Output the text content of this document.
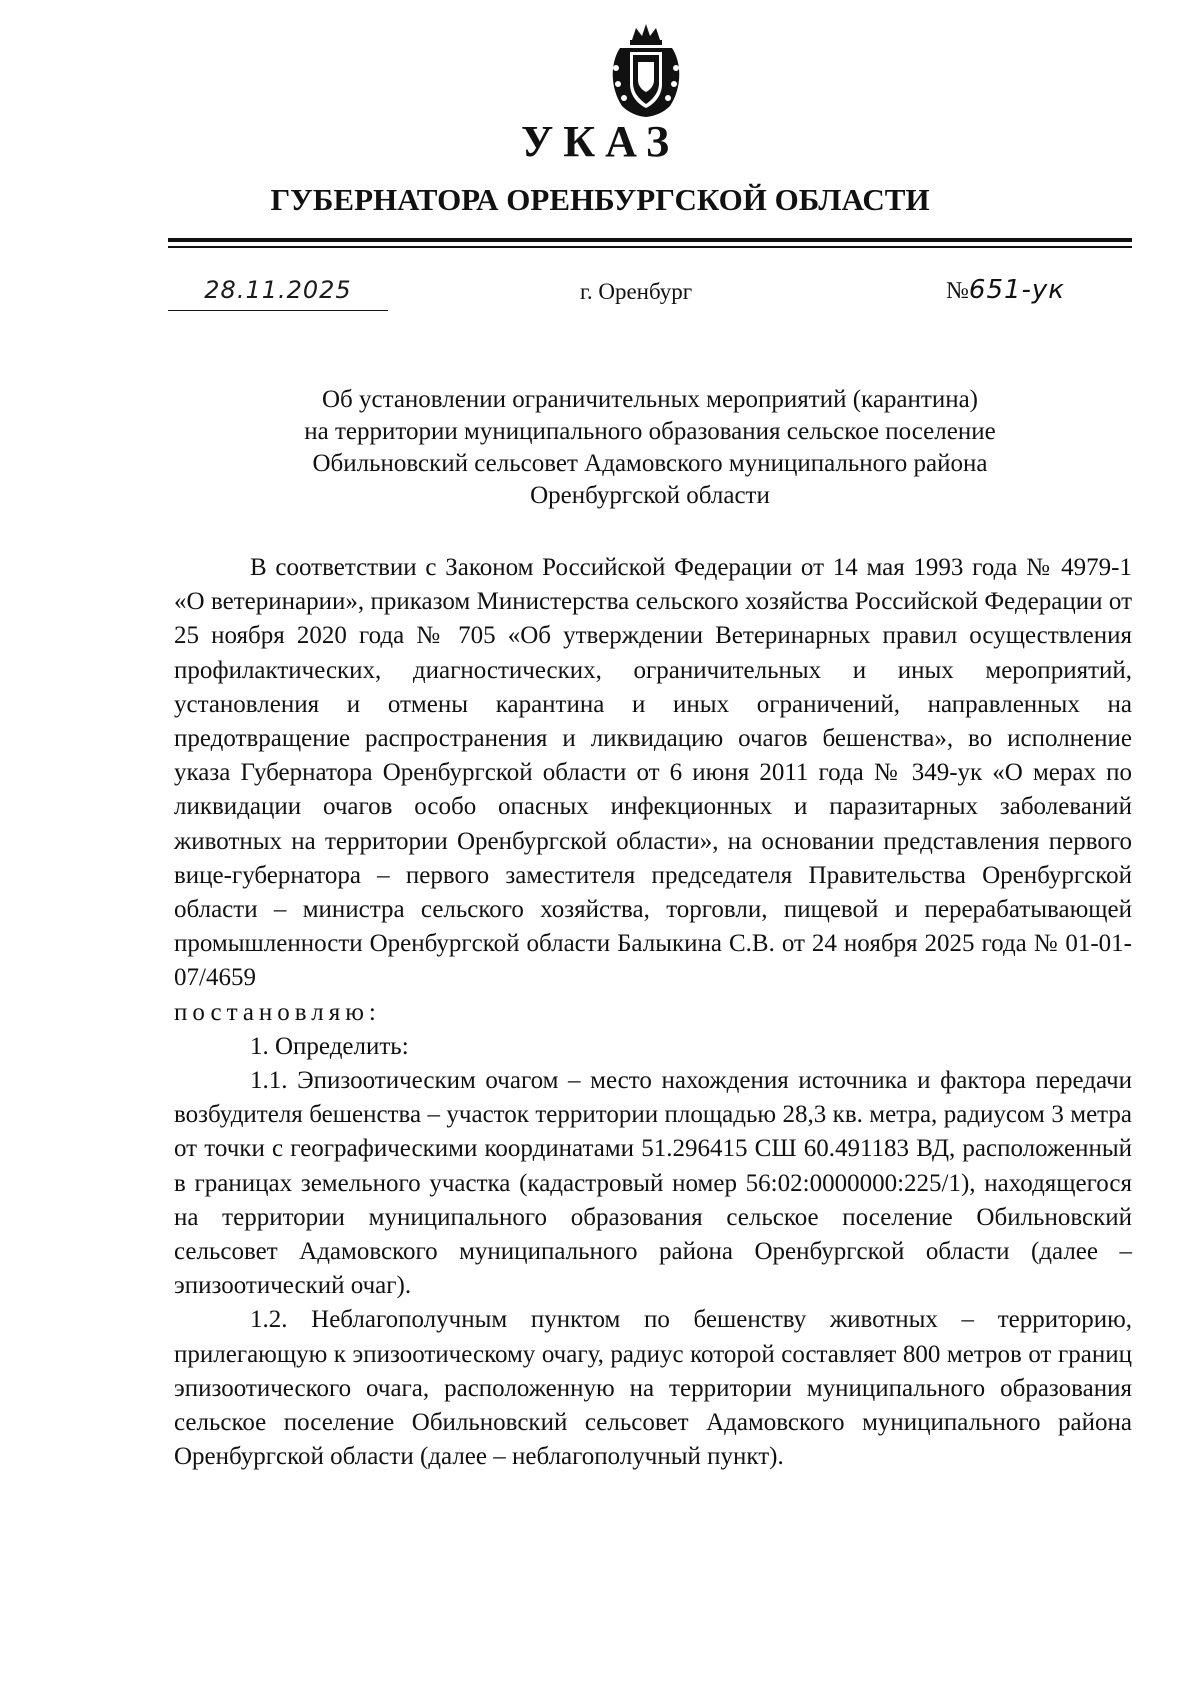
УКАЗ
ГУБЕРНАТОРА ОРЕНБУРГСКОЙ ОБЛАСТИ
28.11.2025	г. Оренбург	№651-ук

Об установлении ограничительных мероприятий (карантина)

на территории муниципального образования сельское поселение

Обильновский сельсовет Адамовского муниципального района

Оренбургской области

В соответствии с Законом Российской Федерации от 14 мая 1993 года № 4979-1 «О ветеринарии», приказом Министерства сельского хозяйства Российской Федерации от 25 ноября 2020 года № 705 «Об утверждении Ветеринарных правил осуществления профилактических, диагностических, ограничительных и иных мероприятий, установления и отмены карантина и иных ограничений, направленных на предотвращение распространения и ликвидацию очагов бешенства», во исполнение указа Губернатора Оренбургской области от 6 июня 2011 года № 349-ук «О мерах по ликвидации очагов особо опасных инфекционных и паразитарных заболеваний животных на территории Оренбургской области», на основании представления первого вице-губернатора – первого заместителя председателя Правительства Оренбургской области – министра сельского хозяйства, торговли, пищевой и перерабатывающей промышленности Оренбургской области Балыкина С.В. от 24 ноября 2025 года № 01-01-07/4659

постановляю:

1. Определить:

1.1. Эпизоотическим очагом – место нахождения источника и фактора передачи возбудителя бешенства – участок территории площадью 28,3 кв. метра, радиусом 3 метра от точки с географическими координатами 51.296415 СШ 60.491183 ВД, расположенный в границах земельного участка (кадастровый номер 56:02:0000000:225/1), находящегося на территории муниципального образования сельское поселение Обильновский сельсовет Адамовского муниципального района Оренбургской области (далее – эпизоотический очаг).

1.2. Неблагополучным пунктом по бешенству животных – территорию, прилегающую к эпизоотическому очагу, радиус которой составляет 800 метров от границ эпизоотического очага, расположенную на территории муниципального образования сельское поселение Обильновский сельсовет Адамовского муниципального района Оренбургской области (далее – неблагополучный пункт).
